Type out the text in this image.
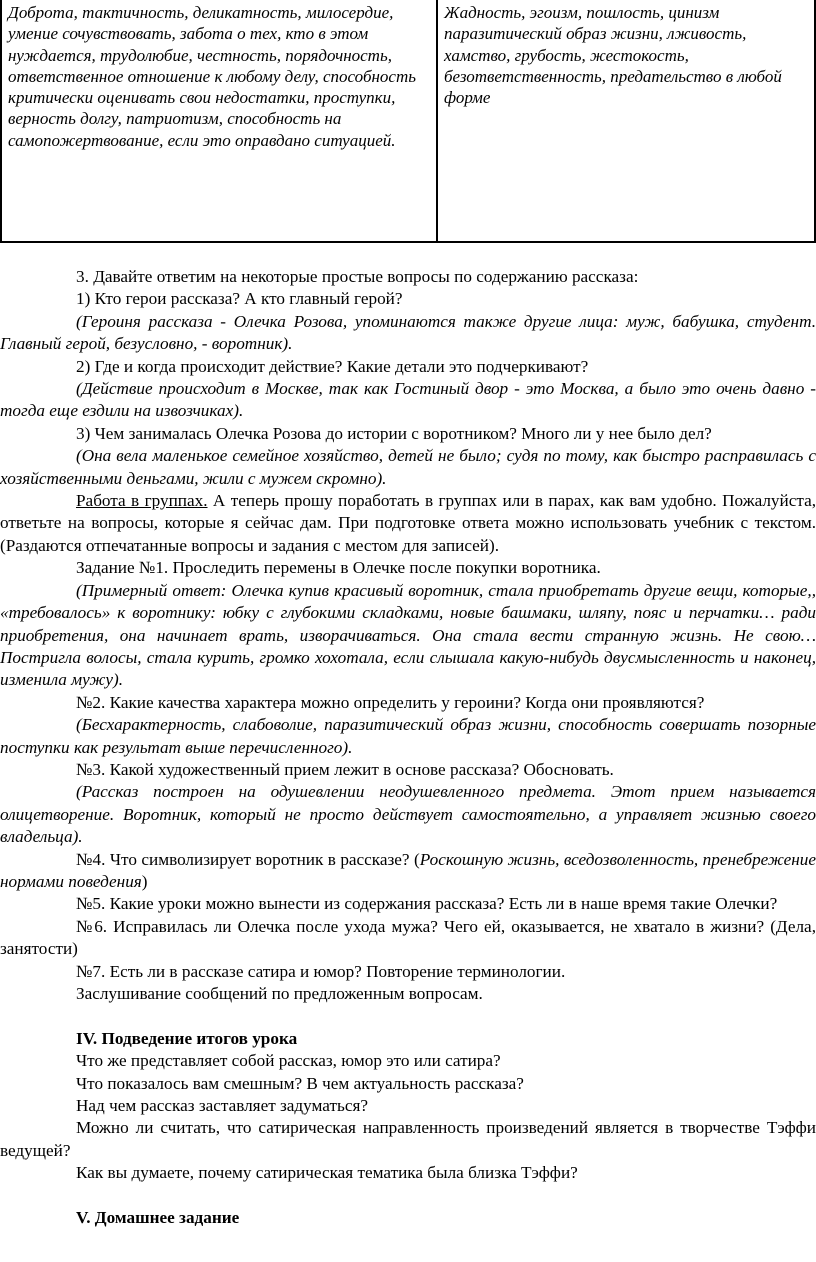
Доброта, тактичность, деликатность, милосердие, умение сочувствовать, забота о тех, кто в этом нуждается, трудолюбие, честность, порядочность, ответственное отношение к любому делу, способность критически оценивать свои недостатки, проступки, верность долгу, патриотизм, способность на самопожертвование, если это оправдано ситуацией.	Жадность, эгоизм, пошлость, цинизм паразитический образ жизни, лживость, хамство, грубость, жестокость, безответственность, предательство в любой форме

3. Давайте ответим на некоторые простые вопросы по содержанию рассказа:

1) Кто герои рассказа? А кто главный герой?

(Героиня рассказа - Олечка Розова, упоминаются также другие лица: муж, бабушка, студент. Главный герой, безусловно, - воротник).

2) Где и когда происходит действие? Какие детали это подчеркивают?

(Действие происходит в Москве, так как Гостиный двор - это Москва, а было это очень давно - тогда еще ездили на извозчиках).

3) Чем занималась Олечка Розова до истории с воротником? Много ли у нее было дел?

(Она вела маленькое семейное хозяйство, детей не было; судя по тому, как быстро расправилась с хозяйственными деньгами, жили с мужем скромно).

Работа в группах. А теперь прошу поработать в группах или в парах, как вам удобно. Пожалуйста, ответьте на вопросы, которые я сейчас дам. При подготовке ответа можно использовать учебник с текстом. (Раздаются отпечатанные вопросы и задания с местом для записей).

Задание №1. Проследить перемены в Олечке после покупки воротника.

(Примерный ответ: Олечка купив красивый воротник, стала приобретать другие вещи, которые,, «требовалось» к воротнику: юбку с глубокими складками, новые башмаки, шляпу, пояс и перчатки… ради приобретения, она начинает врать, изворачиваться. Она стала вести странную жизнь. Не свою…Постригла волосы, стала курить, громко хохотала, если слышала какую-нибудь двусмысленность и наконец, изменила мужу).

№2. Какие качества характера можно определить у героини? Когда они проявляются?

(Бесхарактерность, слабоволие, паразитический образ жизни, способность совершать позорные поступки как результат выше перечисленного).

№3. Какой художественный прием лежит в основе рассказа? Обосновать.

(Рассказ построен на одушевлении неодушевленного предмета. Этот прием называется олицетворение. Воротник, который не просто действует самостоятельно, а управляет жизнью своего владельца).

№4. Что символизирует воротник в рассказе? (Роскошную жизнь, вседозволенность, пренебрежение нормами поведения)

№5. Какие уроки можно вынести из содержания рассказа? Есть ли в наше время такие Олечки?

№6. Исправилась ли Олечка после ухода мужа? Чего ей, оказывается, не хватало в жизни? (Дела, занятости)

№7. Есть ли в рассказе сатира и юмор? Повторение терминологии.

Заслушивание сообщений по предложенным вопросам.

IV. Подведение итогов урока

Что же представляет собой рассказ, юмор это или сатира?

Что показалось вам смешным? В чем актуальность рассказа?

Над чем рассказ заставляет задуматься?

Можно ли считать, что сатирическая направленность произведений является в творчестве Тэффи ведущей?

Как вы думаете, почему сатирическая тематика была близка Тэффи?

V. Домашнее задание
